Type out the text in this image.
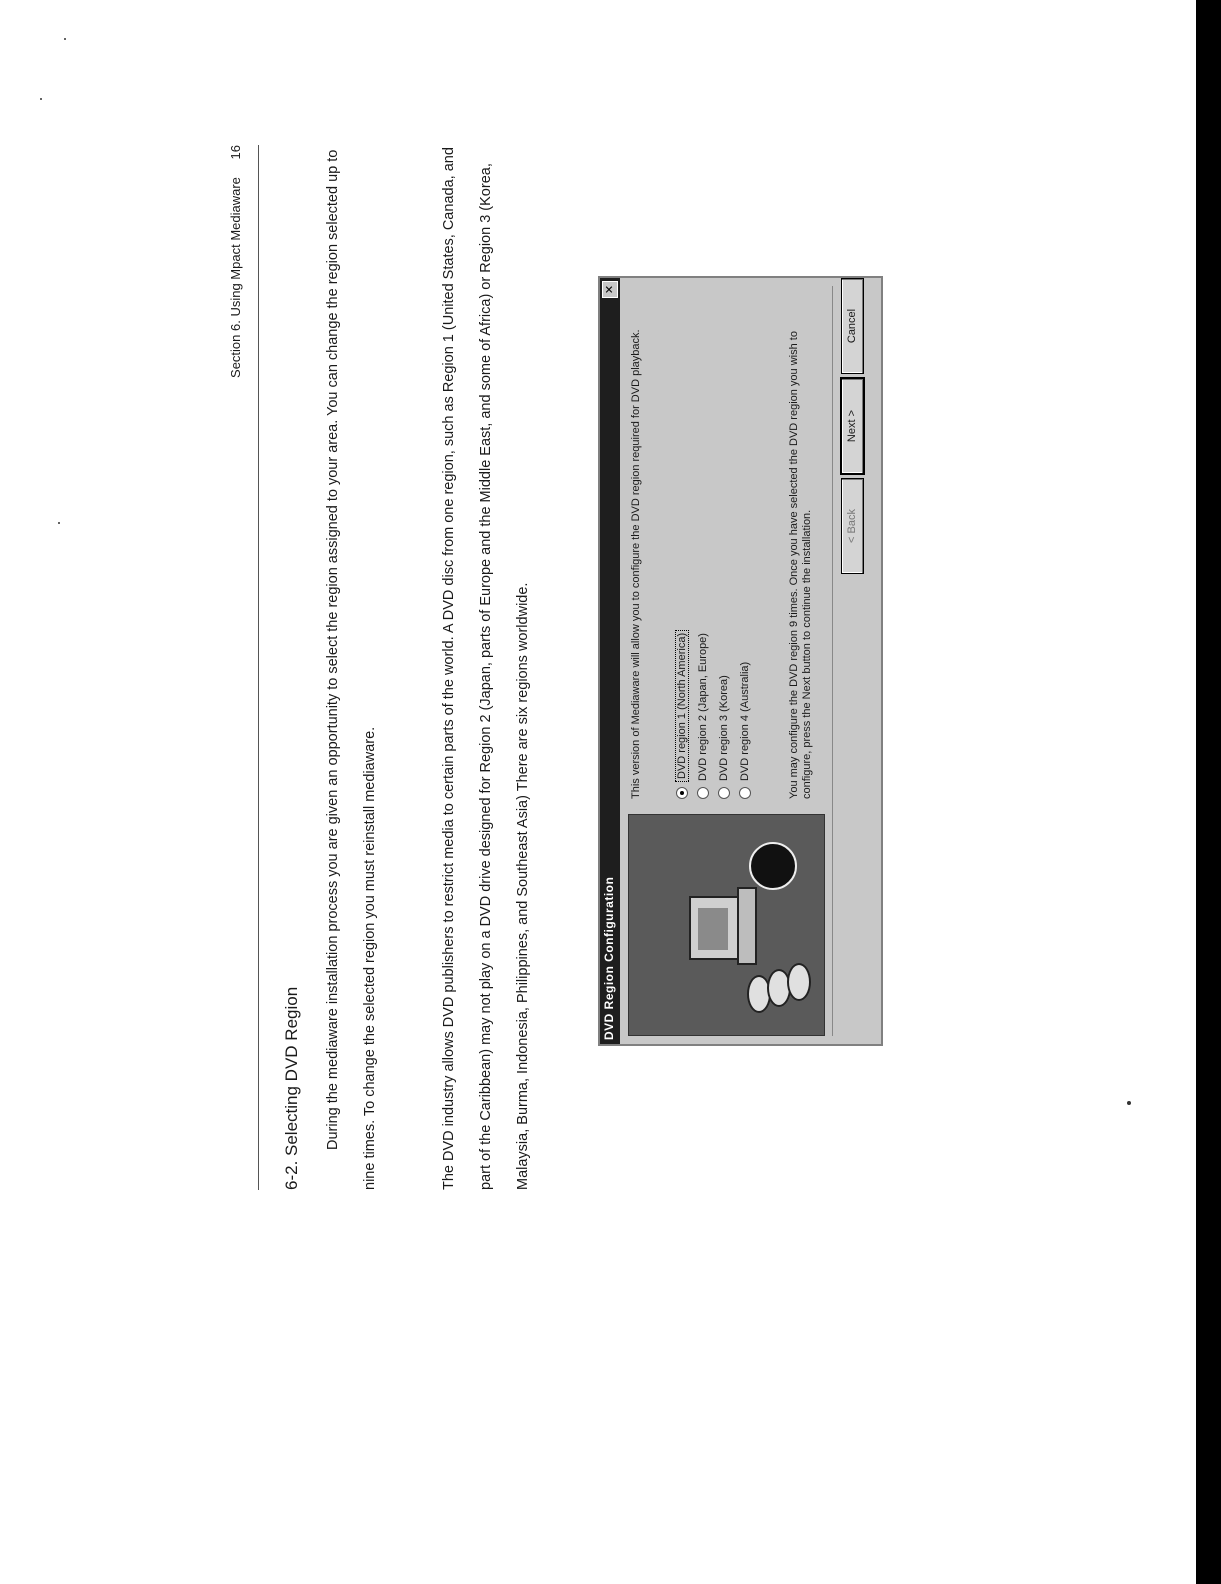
Section 6. Using Mpact Mediaware 16
6-2. Selecting DVD Region	During the mediaware installation process you are given an opportunity to select the region assigned to your area. You can change the region selected up to nine times. To change the selected region you must reinstall mediaware.	The DVD industry allows DVD publishers to restrict media to certain parts of the world. A DVD disc from one region, such as Region 1 (United States, Canada, and part of the Caribbean) may not play on a DVD drive designed for Region 2 (Japan, parts of Europe and the Middle East, and some of Africa) or Region 3 (Korea, Malaysia, Burma, Indonesia, Philippines, and Southeast Asia) There are six regions worldwide.	DVD Region Configuration
✕

This version of Mediaware will allow you to configure the DVD region required for DVD playback.	DVD region 1 (North America) DVD region 2 (Japan, Europe) DVD region 3 (Korea) DVD region 4 (Australia)	You may configure the DVD region 9 times. Once you have selected the DVD region you wish to configure, press the Next button to continue the installation.	< Back
Next >
Cancel
